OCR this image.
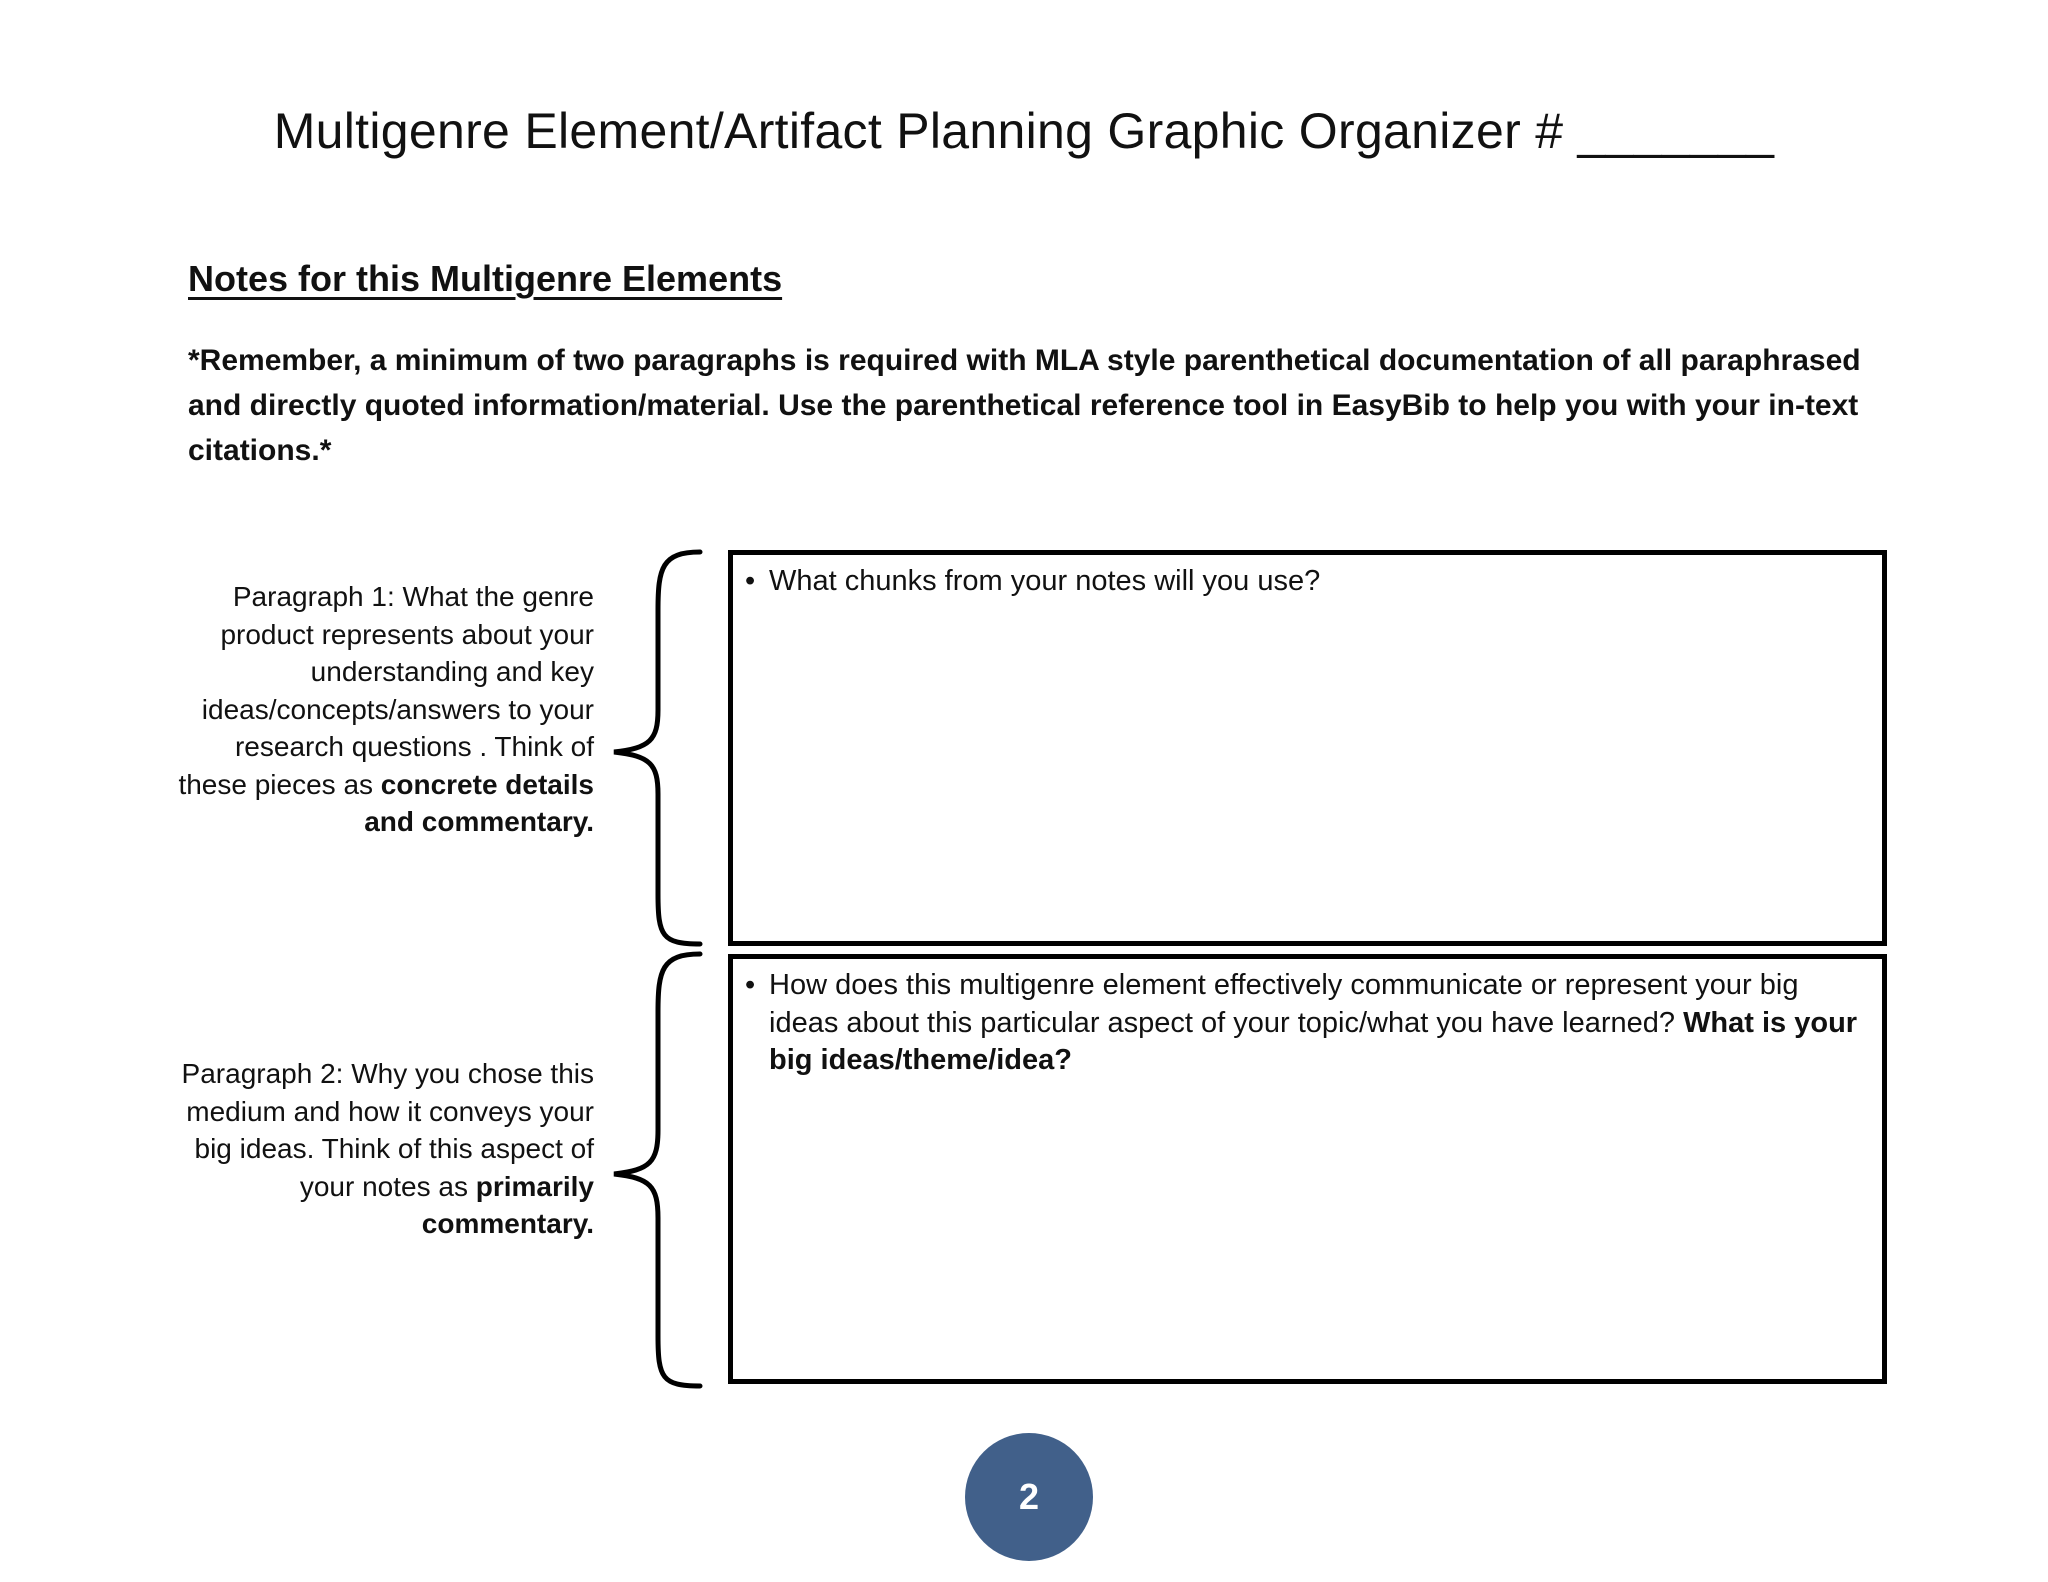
Multigenre Element/Artifact Planning Graphic Organizer # _______
Notes for this Multigenre Elements
*Remember, a minimum of two paragraphs is required with MLA style parenthetical documentation of all paraphrased and directly quoted information/material. Use the parenthetical reference tool in EasyBib to help you with your in-text citations.*
Paragraph 1: What the genre product represents about your understanding and key ideas/concepts/answers to your research questions . Think of these pieces as concrete details and commentary.
Paragraph 2: Why you chose this medium and how it conveys your big ideas. Think of this aspect of your notes as primarily commentary.
• What chunks from your notes will you use?
• How does this multigenre element effectively communicate or represent your big ideas about this particular aspect of your topic/what you have learned? What is your big ideas/theme/idea?
2
